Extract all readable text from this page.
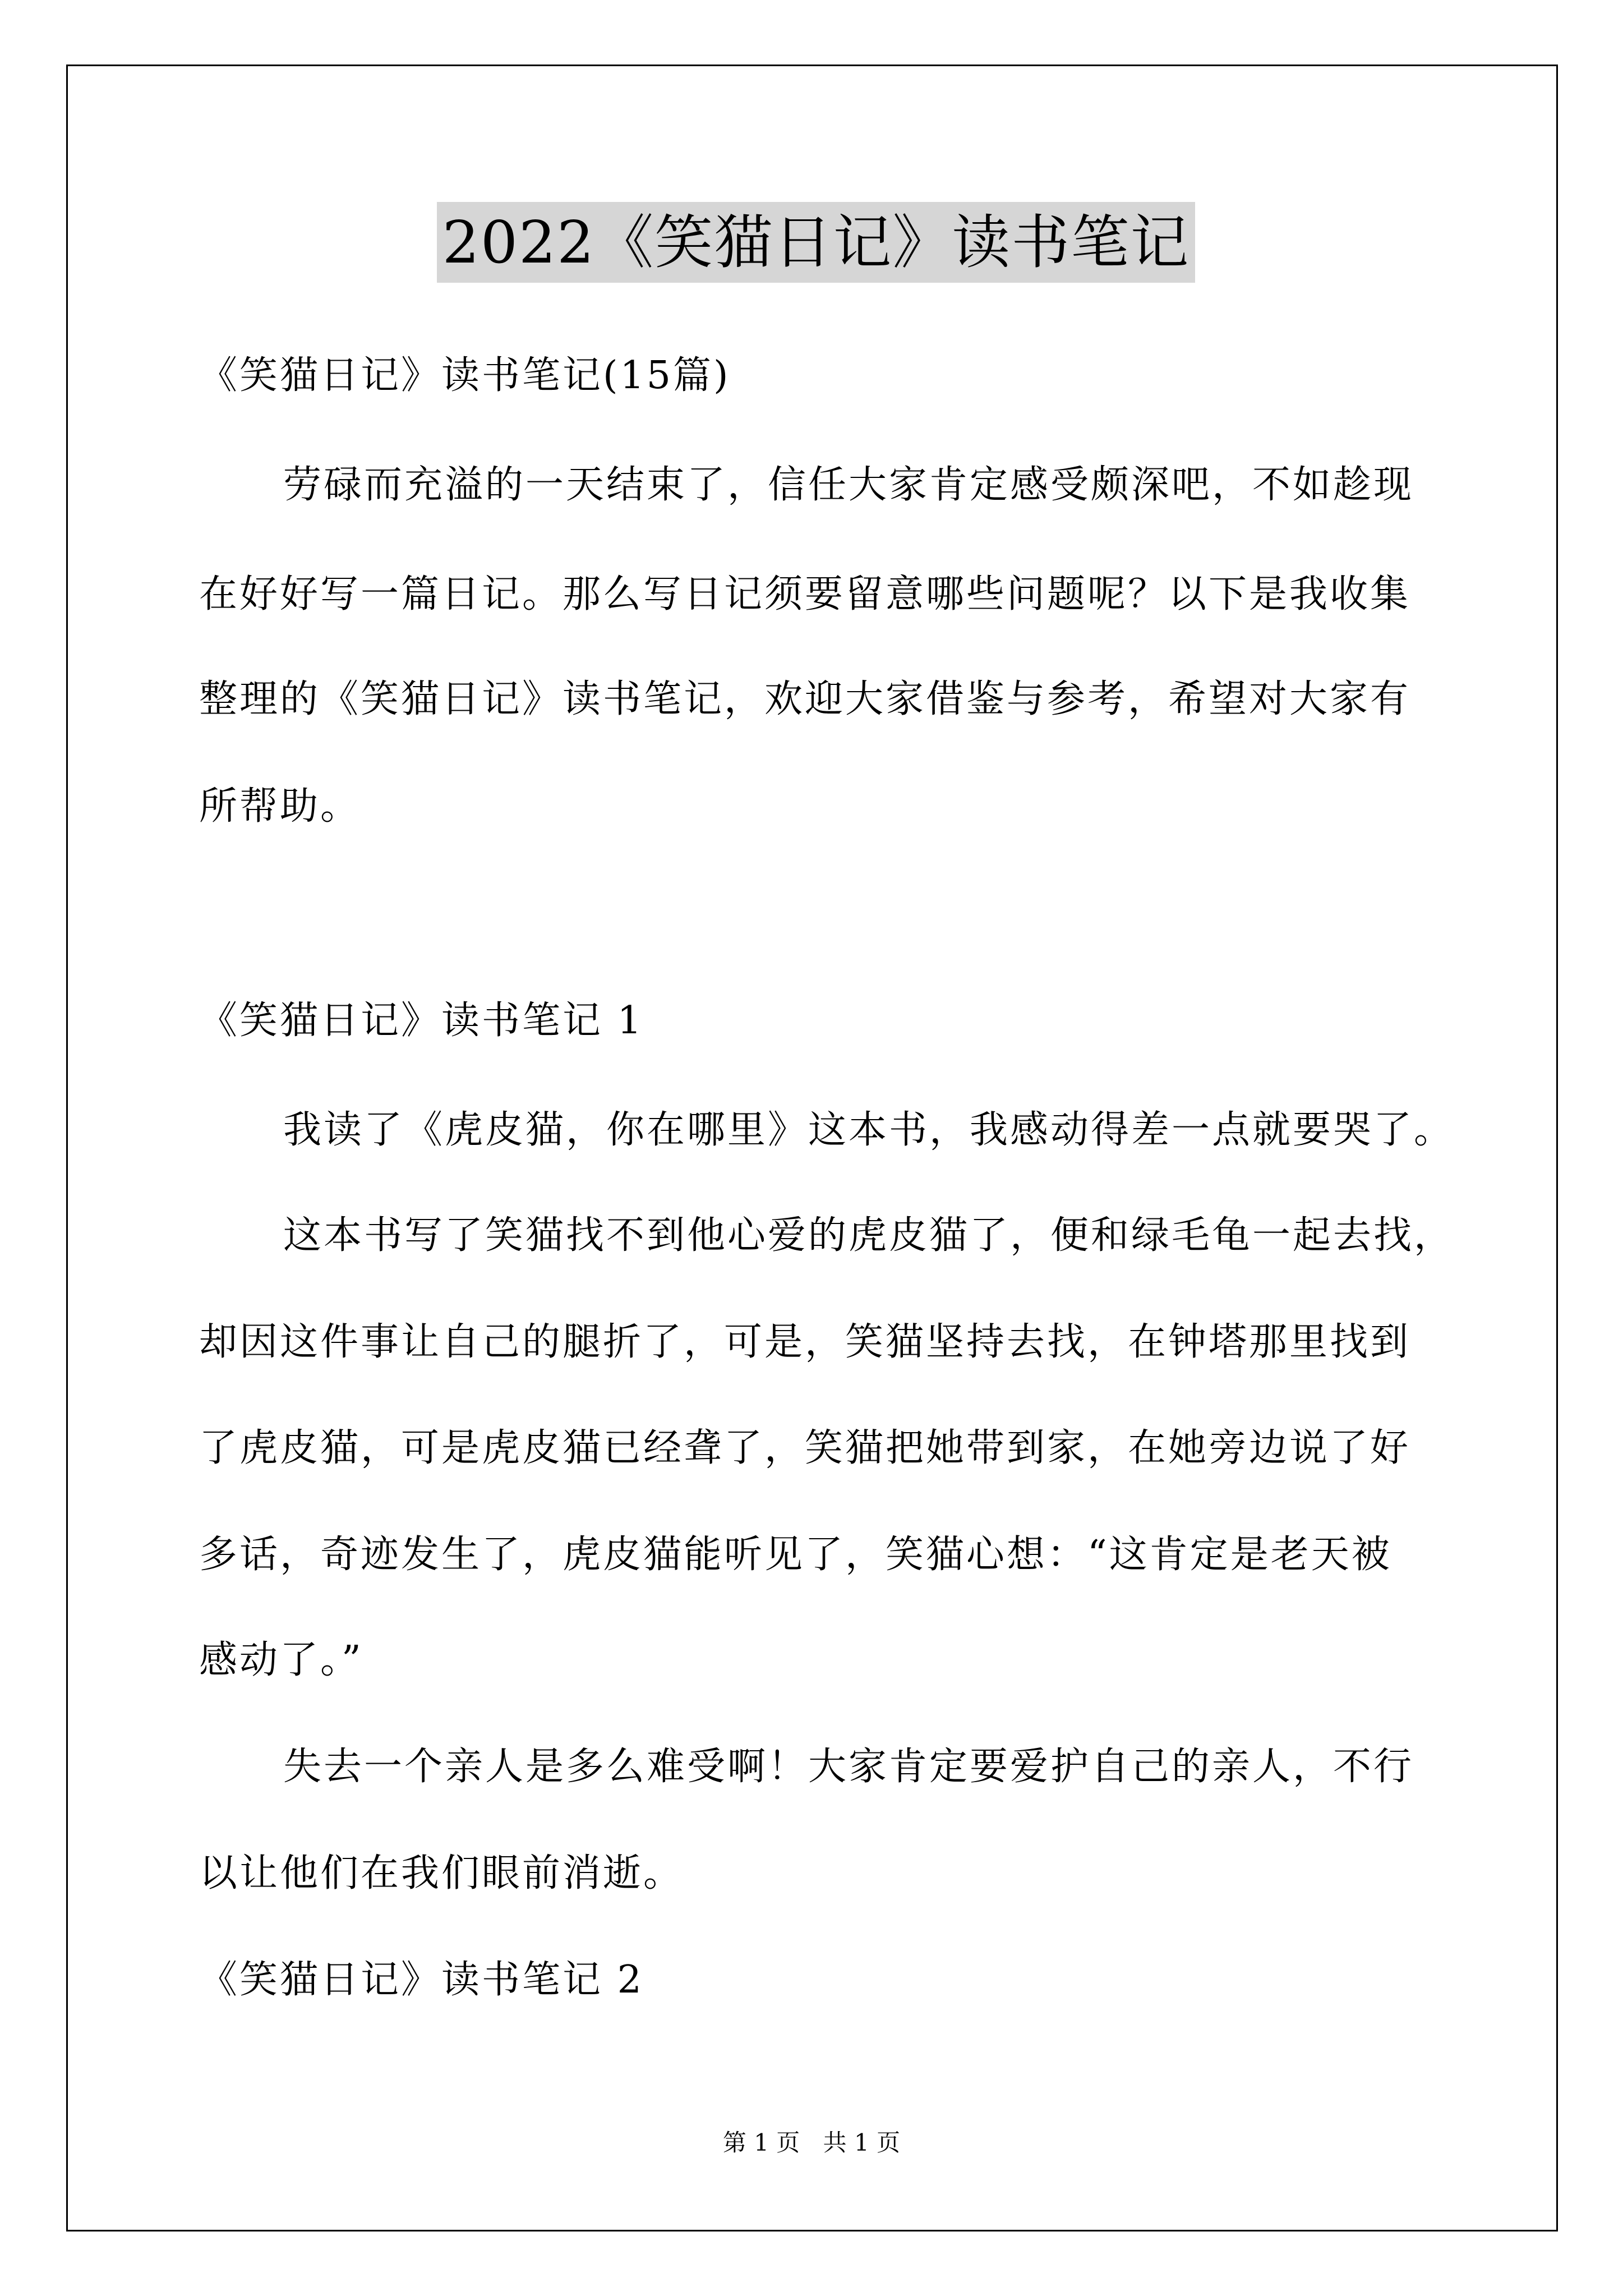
2022《笑猫日记》读书笔记
《笑猫日记》读书笔记(15篇)
劳碌而充溢的一天结束了，信任大家肯定感受颇深吧，不如趁现
在好好写一篇日记。那么写日记须要留意哪些问题呢？以下是我收集
整理的《笑猫日记》读书笔记，欢迎大家借鉴与参考，希望对大家有
所帮助。
《笑猫日记》读书笔记 1
我读了《虎皮猫，你在哪里》这本书，我感动得差一点就要哭了。
这本书写了笑猫找不到他心爱的虎皮猫了，便和绿毛龟一起去找，
却因这件事让自己的腿折了，可是，笑猫坚持去找，在钟塔那里找到
了虎皮猫，可是虎皮猫已经聋了，笑猫把她带到家，在她旁边说了好
多话，奇迹发生了，虎皮猫能听见了，笑猫心想：“这肯定是老天被
感动了。”
失去一个亲人是多么难受啊！大家肯定要爱护自己的亲人，不行
以让他们在我们眼前消逝。
《笑猫日记》读书笔记 2
第 1 页 共 1 页
